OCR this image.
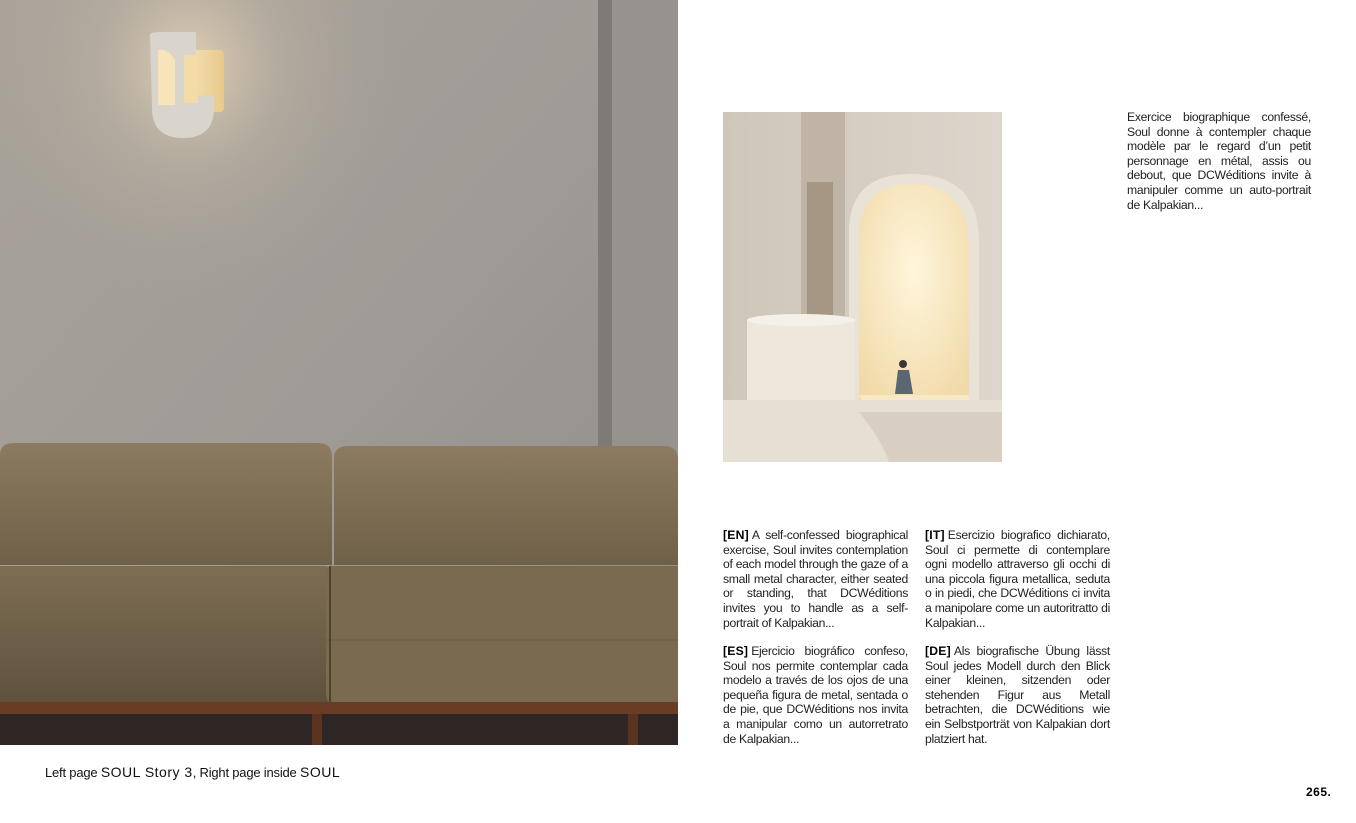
Left page SOUL Story 3, Right page inside SOUL
Exercice biographique confessé, Soul donne à contempler chaque modèle par le regard d’un petit personnage en métal, assis ou debout, que DCWéditions invite à manipuler comme un auto-portrait de Kalpakian...
[EN] A self-confessed biographical exercise, Soul invites contemplation of each model through the gaze of a small metal character, either seated or standing, that DCWéditions invites you to handle as a self-portrait of Kalpakian...
[IT] Esercizio biografico dichiarato, Soul ci permette di contemplare ogni modello attraverso gli occhi di una piccola figura metallica, seduta o in piedi, che DCWéditions ci invita a manipolare come un autoritratto di Kalpakian...
[ES] Ejercicio biográfico confeso, Soul nos permite contemplar cada modelo a través de los ojos de una pequeña figura de metal, sentada o de pie, que DCWéditions nos invita a manipular como un autorretrato de Kalpakian...
[DE] Als biografische Übung lässt Soul jedes Modell durch den Blick einer kleinen, sitzenden oder stehenden Figur aus Metall betrachten, die DCWéditions wie ein Selbstporträt von Kalpakian dort platziert hat.
265.
